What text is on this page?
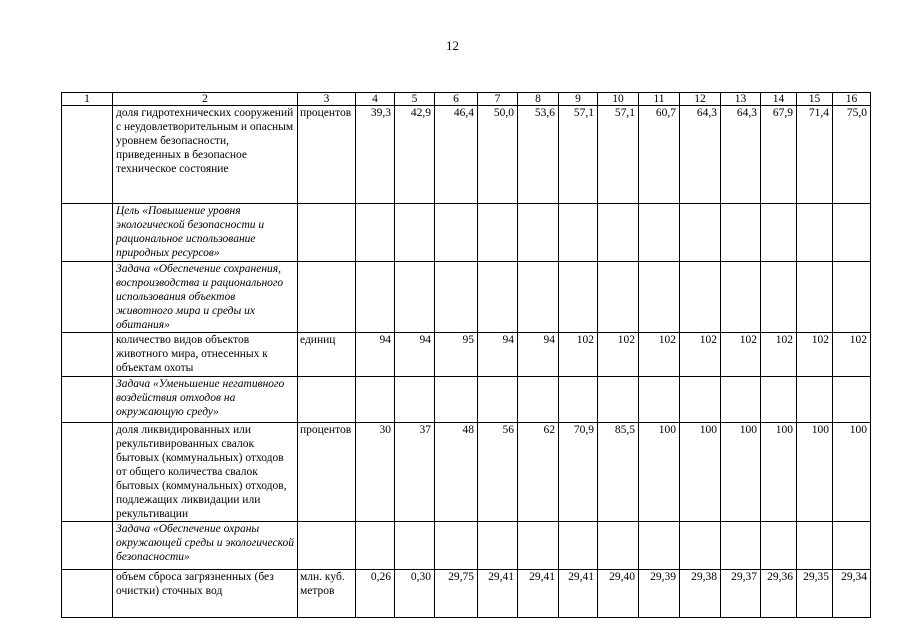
12
1	2	3	4	5	6	7	8	9	10	11	12	13	14	15	16
	доля гидротехнических сооружений с неудовлетворительным и опасным уровнем безопасности, приведенных в безопасное техническое состояние	процентов	39,3	42,9	46,4	50,0	53,6	57,1	57,1	60,7	64,3	64,3	67,9	71,4	75,0
	Цель «Повышение уровня экологической безопасности и рациональное использование природных ресурсов»														
	Задача «Обеспечение сохранения, воспроизводства и рационального использования объектов животного мира и среды их обитания»														
	количество видов объектов животного мира, отнесенных к объектам охоты	единиц	94	94	95	94	94	102	102	102	102	102	102	102	102
	Задача «Уменьшение негативного воздействия отходов на окружающую среду»														
	доля ликвидированных или рекультивированных свалок бытовых (коммунальных) отходов от общего количества свалок бытовых (коммунальных) отходов, подлежащих ликвидации или рекультивации	процентов	30	37	48	56	62	70,9	85,5	100	100	100	100	100	100
	Задача «Обеспечение охраны окружающей среды и экологической безопасности»														
	объем сброса загрязненных (без очистки) сточных вод	млн. куб. метров	0,26	0,30	29,75	29,41	29,41	29,41	29,40	29,39	29,38	29,37	29,36	29,35	29,34
